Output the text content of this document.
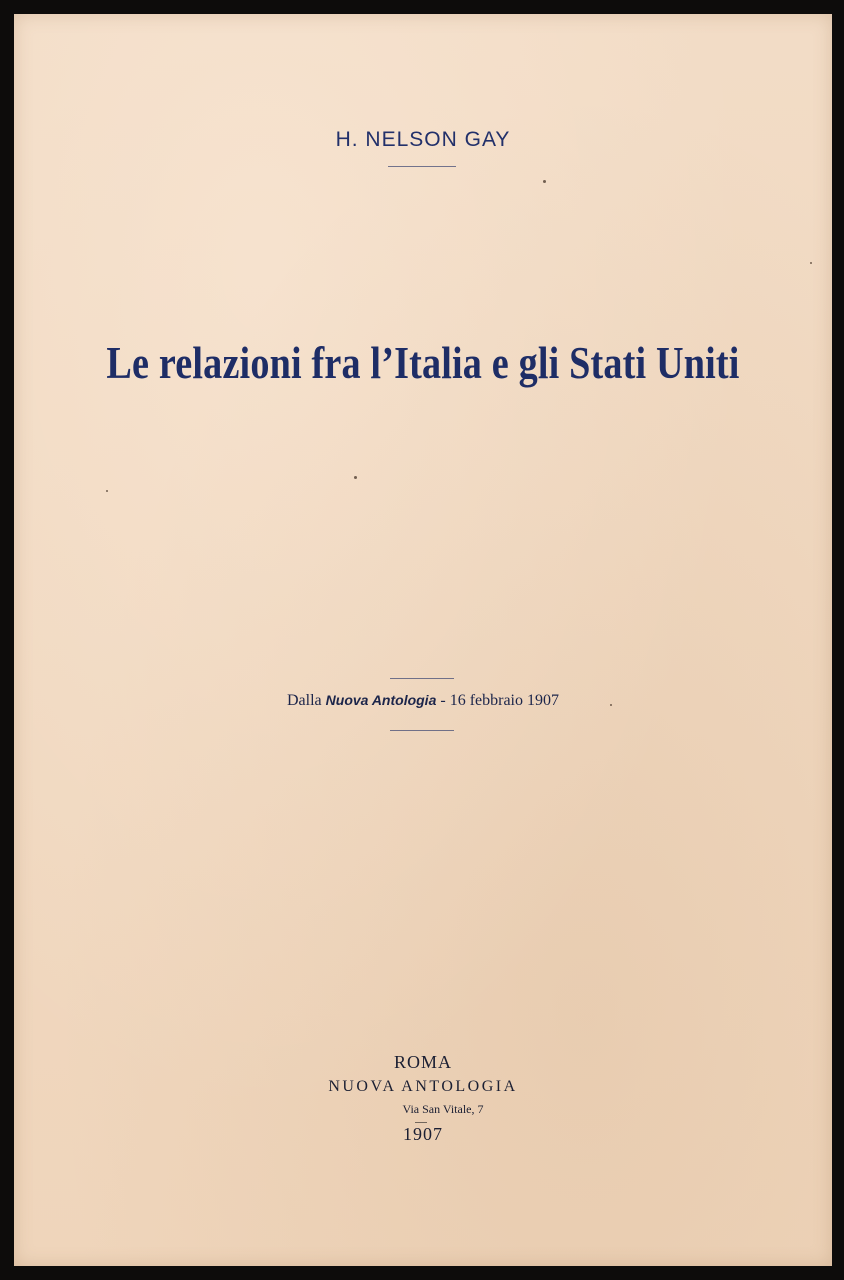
H. NELSON GAY
Le relazioni fra l’Italia e gli Stati Uniti
Dalla Nuova Antologia - 16 febbraio 1907
ROMA
NUOVA ANTOLOGIA
Via San Vitale, 7
1907
